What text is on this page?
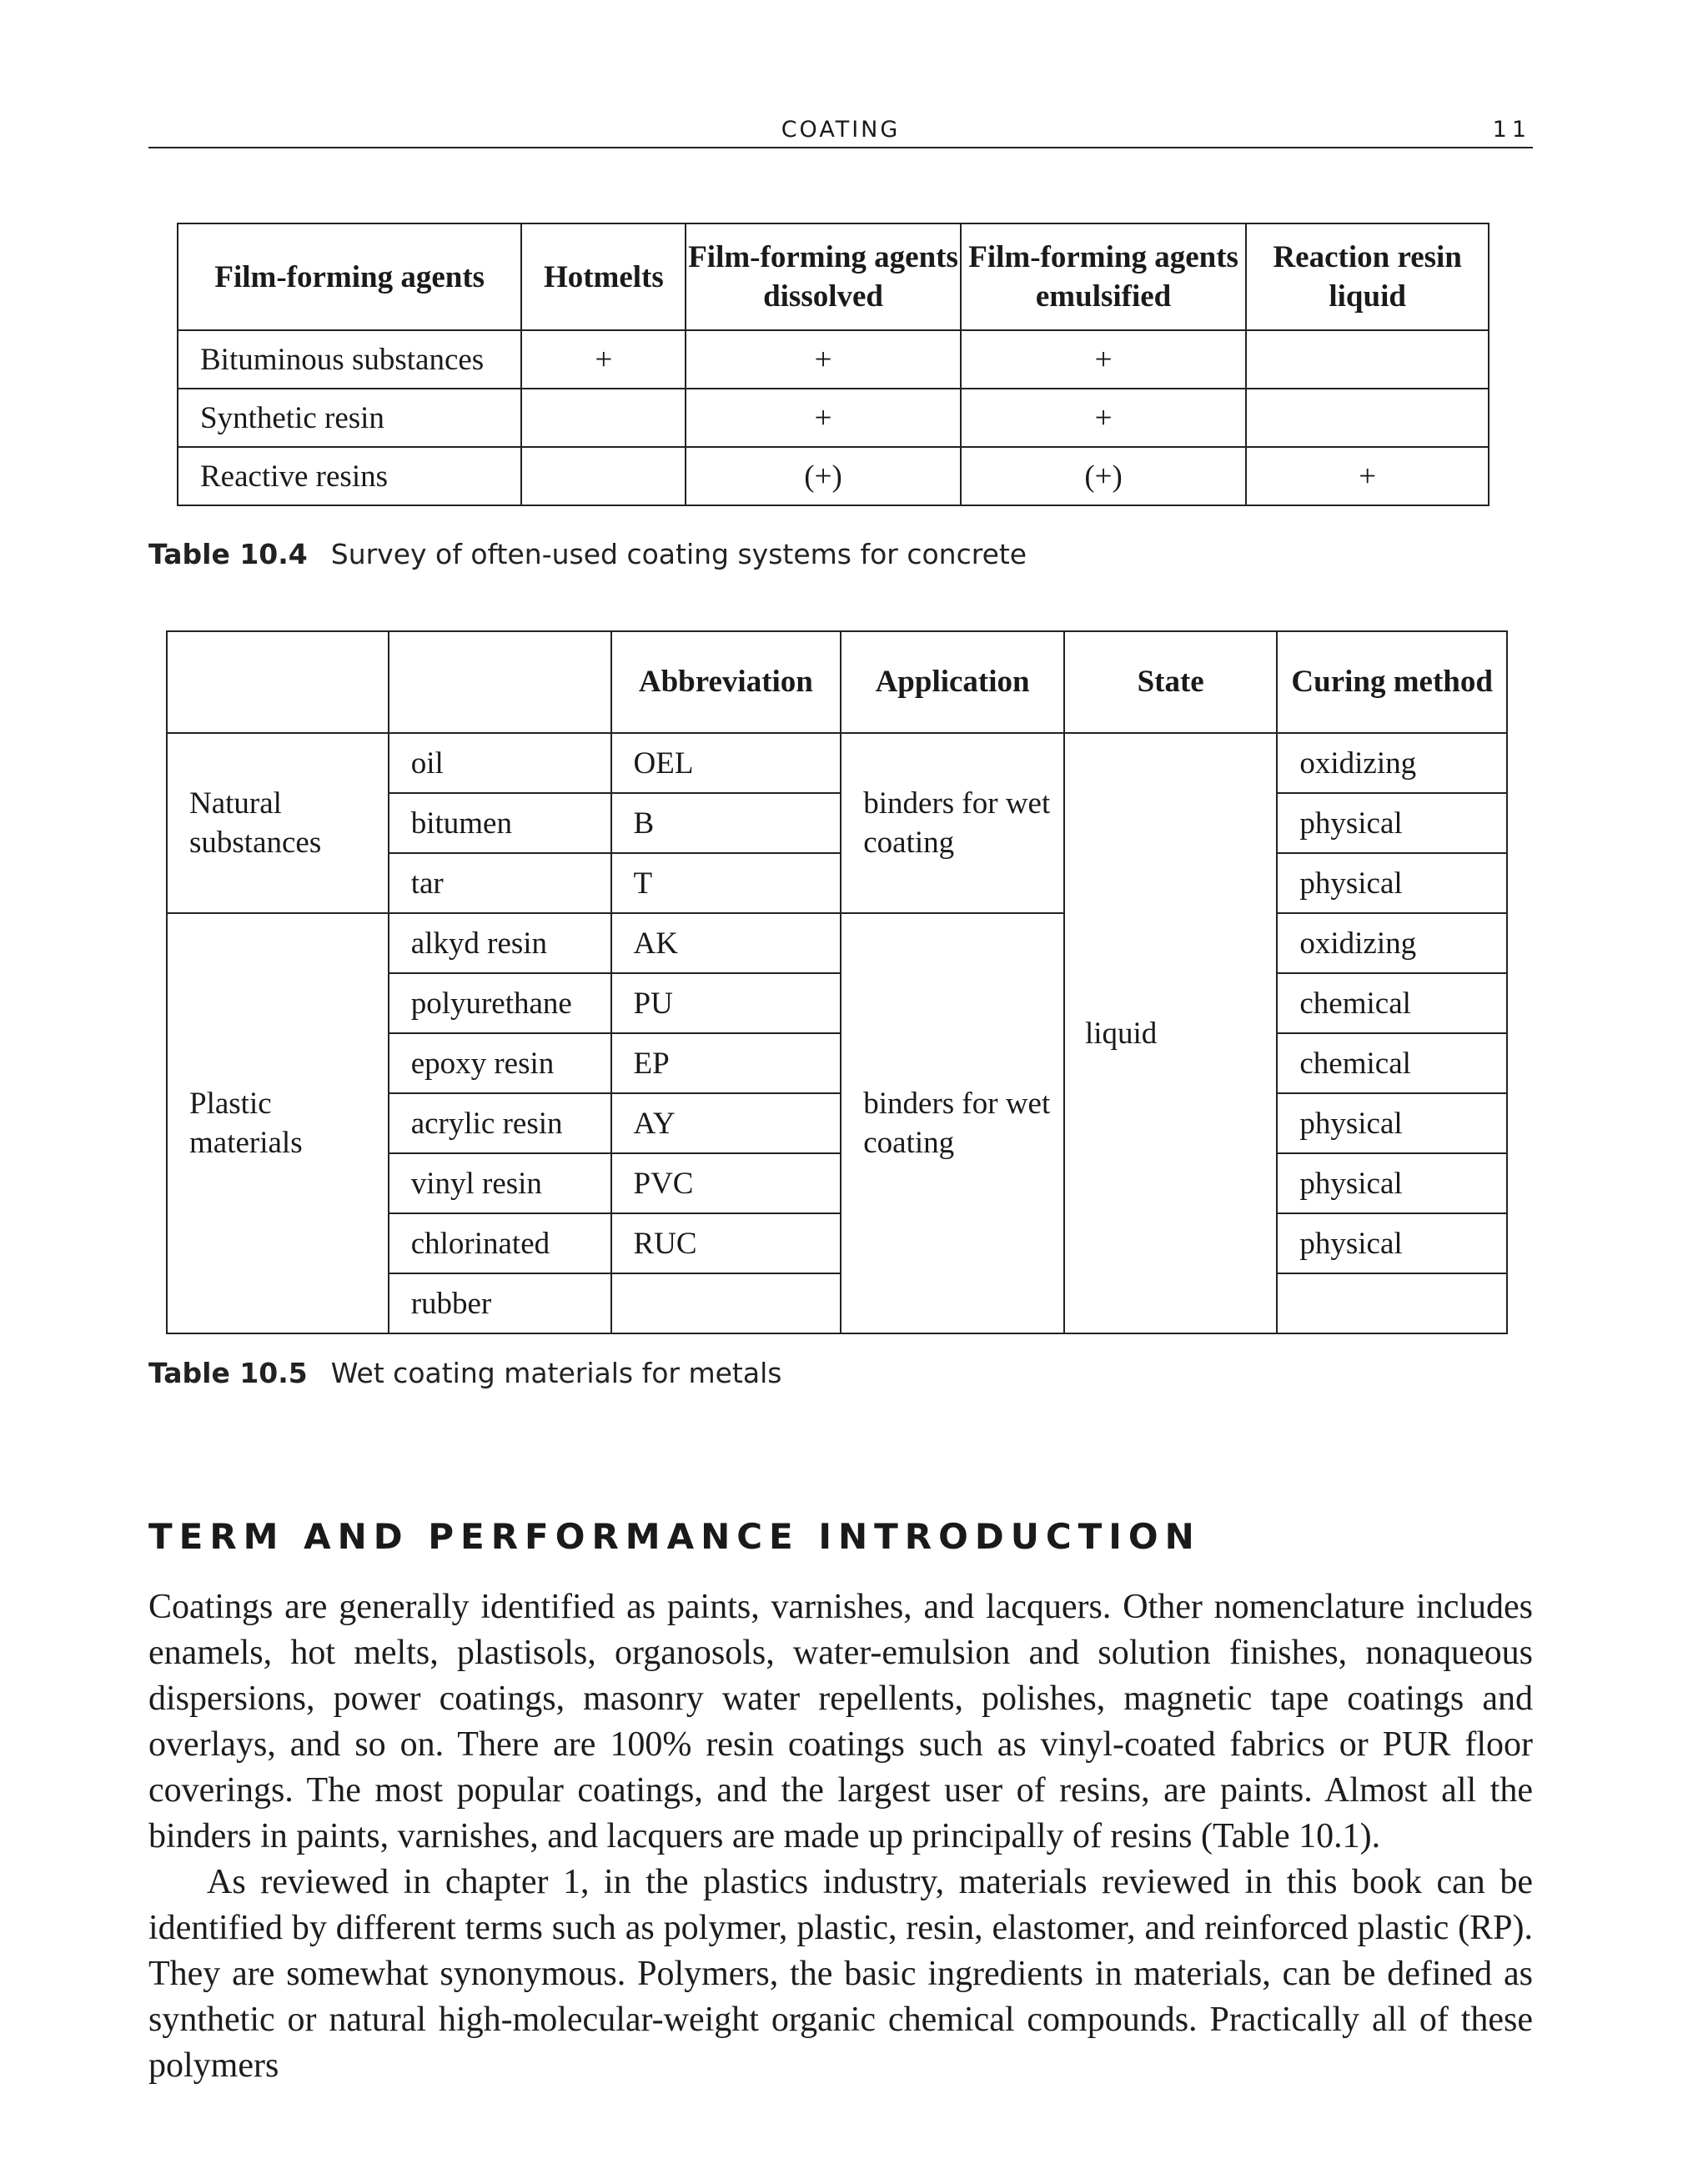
COATING	11
Film-forming agents	Hotmelts	Film-forming agents dissolved	Film-forming agents emulsified	Reaction resin liquid
Bituminous substances	+	+	+	
Synthetic resin		+	+	
Reactive resins		(+)	(+)	+
Table 10.4 Survey of often-used coating systems for concrete
		Abbreviation	Application	State	Curing method
Natural substances	oil	OEL	binders for wet coating	liquid	oxidizing
	bitumen	B			physical
	tar	T			physical
Plastic materials	alkyd resin	AK	binders for wet coating		oxidizing
	polyurethane	PU			chemical
	epoxy resin	EP			chemical
	acrylic resin	AY			physical
	vinyl resin	PVC			physical
	chlorinated	RUC			physical
	rubber				
Table 10.5 Wet coating materials for metals
TERM AND PERFORMANCE INTRODUCTION

Coatings are generally identified as paints, varnishes, and lacquers. Other nomenclature includes enamels, hot melts, plastisols, organosols, water-emulsion and solution finishes, nonaqueous dispersions, power coatings, masonry water repellents, polishes, magnetic tape coatings and overlays, and so on. There are 100% resin coatings such as vinyl-coated fabrics or PUR floor coverings. The most popular coatings, and the largest user of resins, are paints. Almost all the binders in paints, varnishes, and lacquers are made up principally of resins (Table 10.1).

As reviewed in chapter 1, in the plastics industry, materials reviewed in this book can be identified by different terms such as polymer, plastic, resin, elastomer, and reinforced plastic (RP). They are somewhat synonymous. Polymers, the basic ingredients in materials, can be defined as synthetic or natural high-molecular-weight organic chemical compounds. Practically all of these polymers
